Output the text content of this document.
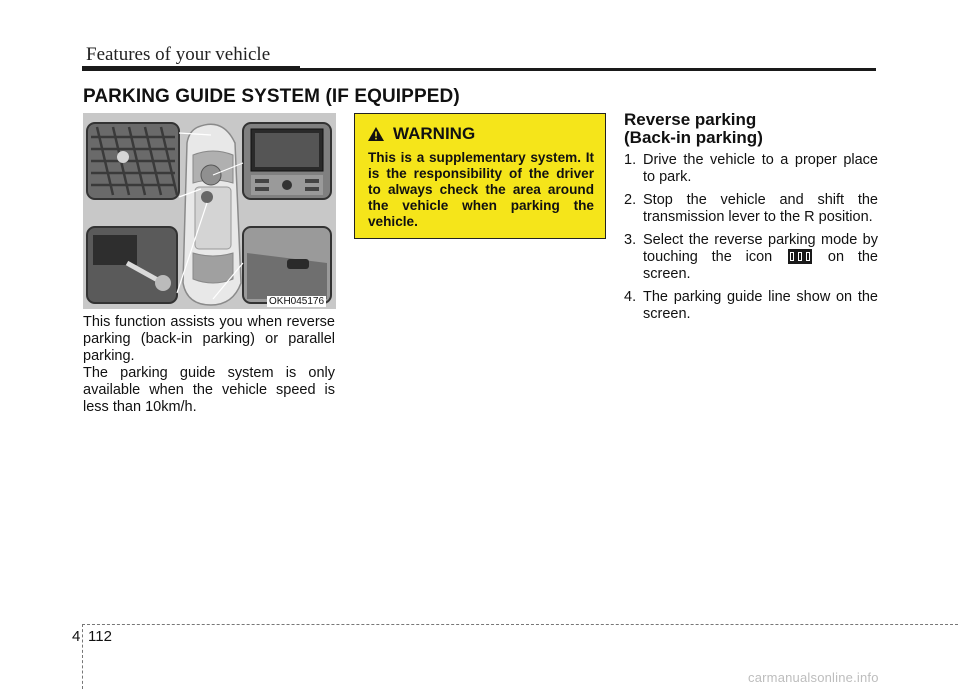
Features of your vehicle
PARKING GUIDE SYSTEM (IF EQUIPPED)
OKH045176
This function assists you when reverse parking (back-in parking) or parallel parking.
The parking guide system is only available when the vehicle speed is less than 10km/h.
WARNING
This is a supplementary system. It is the responsibility of the driver to always check the area around the vehicle when parking the vehicle.
Reverse parking
(Back-in parking)
1. Drive the vehicle to a proper place to park.
2. Stop the vehicle and shift the transmission lever to the R position.
3. Select the reverse parking mode by touching the icon	on the screen.
4. The parking guide line show on the screen.
4 112
carmanualsonline.info
